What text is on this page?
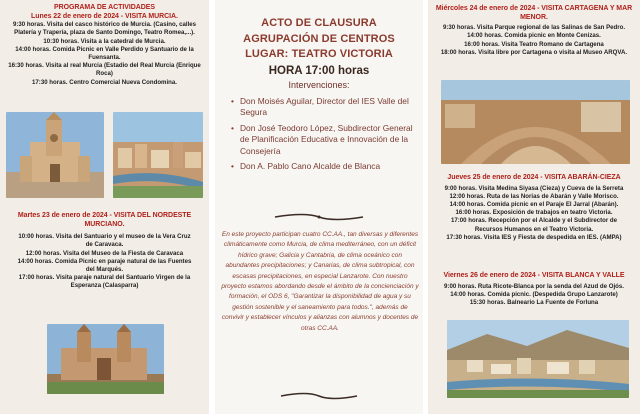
PROGRAMA DE ACTIVIDADES
Lunes 22 de enero de 2024 - VISITA MURCIA.
9:30 horas. Visita del casco histórico de Murcia. (Casino, calles
Platería y Trapería, plaza de Santo Domingo, Teatro Romea,...).
10:30 horas. Visita a la catedral de Murcia.
14:00 horas. Comida Picnic en Valle Perdido y Santuario de la
Fuensanta.
16:30 horas. Visita al real Murcia (Estadio del Real Murcia (Enrique Roca)
17:30 horas. Centro Comercial Nueva Condomina.
Martes 23 de enero de 2024 - VISITA DEL NORDESTE
MURCIANO.
10:00 horas. Visita del Santuario y el museo de la Vera Cruz
de Caravaca.
12:00 horas. Visita del Museo de la Fiesta de Caravaca
14:00 horas. Comida Picnic en paraje natural de las Fuentes
del Marqués.
17:00 horas. Visita paraje natural del Santuario Virgen de la
Esperanza (Calasparra)
ACTO DE CLAUSURA
AGRUPACIÓN DE CENTROS
LUGAR: TEATRO VICTORIA
HORA 17:00 horas
Intervenciones:
• Don Moisés Aguilar, Director del IES Valle del Segura
• Don José Teodoro López, Subdirector General de Planificación Educativa e Innovación de la Consejería
• Don A. Pablo Cano Alcalde de Blanca
En este proyecto participan cuatro CC.AA., tan diversas y diferentes climáticamente como Murcia, de clima mediterráneo, con un déficit hídrico grave; Galicia y Cantabria, de clima oceánico con abundantes precipitaciones; y Canarias, de clima subtropical, con escasas precipitaciones, en especial Lanzarote. Con nuestro proyecto estamos abordando desde el ámbito de la concienciación y formación, el ODS 6, "Garantizar la disponibilidad de agua y su gestión sostenible y el saneamiento para todos.", además de convivir y establecer vínculos y alianzas con alumnos y docentes de otras CC.AA.
Miércoles 24 de enero de 2024 - VISITA CARTAGENA Y MAR
MENOR.
9:30 horas. Visita Parque regional de las Salinas de San Pedro.
14:00 horas. Comida picnic en Monte Cenizas.
16:00 horas. Visita Teatro Romano de Cartagena
18:00 horas. Visita libre por Cartagena o visita al Museo ARQVA.
Jueves 25 de enero de 2024 - VISITA ABARÁN-CIEZA
9:00 horas. Visita Medina Siyasa (Cieza) y Cueva de la Serreta
12:00 horas. Ruta de las Norias de Abarán y Valle Morisco.
14:00 horas. Comida picnic en el Paraje El Jarral (Abarán).
16:00 horas. Exposición de trabajos en teatro Victoria.
17:00 horas. Recepción por el Alcalde y el Subdirector de
Recursos Humanos en el Teatro Victoria.
17:30 horas. Visita IES y Fiesta de despedida en IES. (AMPA)
Viernes 26 de enero de 2024 - VISITA BLANCA Y VALLE
9:00 horas. Ruta Ricote-Blanca por la senda del Azud de Ojós.
14:00 horas. Comida picnic. (Despedida Grupo Lanzarote)
15:30 horas. Balneario La Fuente de Forluna
